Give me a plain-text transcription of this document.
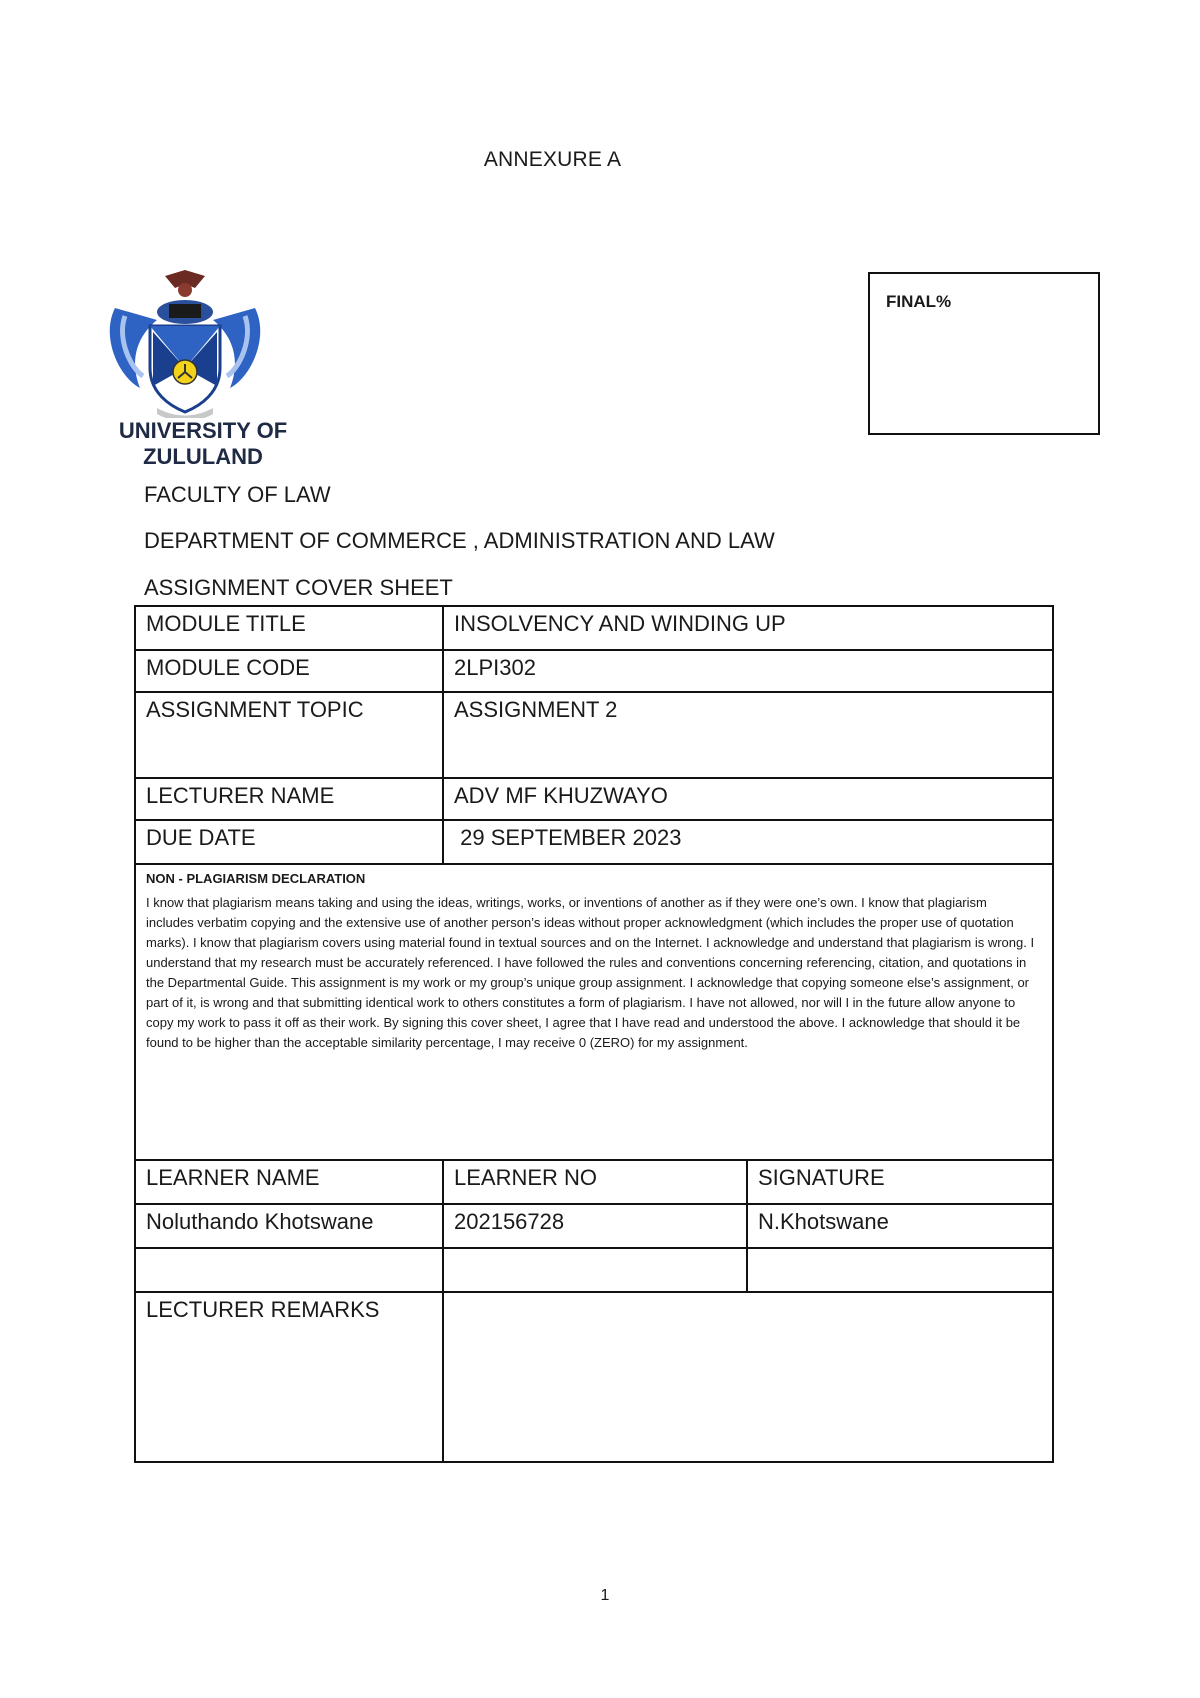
ANNEXURE A
UNIVERSITY OF
ZULULAND
FINAL%
FACULTY OF LAW
DEPARTMENT OF COMMERCE , ADMINISTRATION AND LAW
ASSIGNMENT COVER SHEET
MODULE TITLE	INSOLVENCY AND WINDING UP	
MODULE CODE	2LPI302	
ASSIGNMENT TOPIC	ASSIGNMENT 2	
LECTURER NAME	ADV MF KHUZWAYO	
DUE DATE	29 SEPTEMBER 2023	

NON - PLAGIARISM DECLARATION
I know that plagiarism means taking and using the ideas, writings, works, or inventions of another as if they were one’s own. I know that plagiarism includes verbatim copying and the extensive use of another person’s ideas without proper acknowledgment (which includes the proper use of quotation marks). I know that plagiarism covers using material found in textual sources and on the Internet. I acknowledge and understand that plagiarism is wrong. I understand that my research must be accurately referenced. I have followed the rules and conventions concerning referencing, citation, and quotations in the Departmental Guide. This assignment is my work or my group’s unique group assignment. I acknowledge that copying someone else’s assignment, or part of it, is wrong and that submitting identical work to others constitutes a form of plagiarism. I have not allowed, nor will I in the future allow anyone to copy my work to pass it off as their work. By signing this cover sheet, I agree that I have read and understood the above. I acknowledge that should it be found to be higher than the acceptable similarity percentage, I may receive 0 (ZERO) for my assignment.		

LEARNER NAME	LEARNER NO	SIGNATURE
Noluthando Khotswane	202156728	N.Khotswane

LECTURER REMARKS		
1
